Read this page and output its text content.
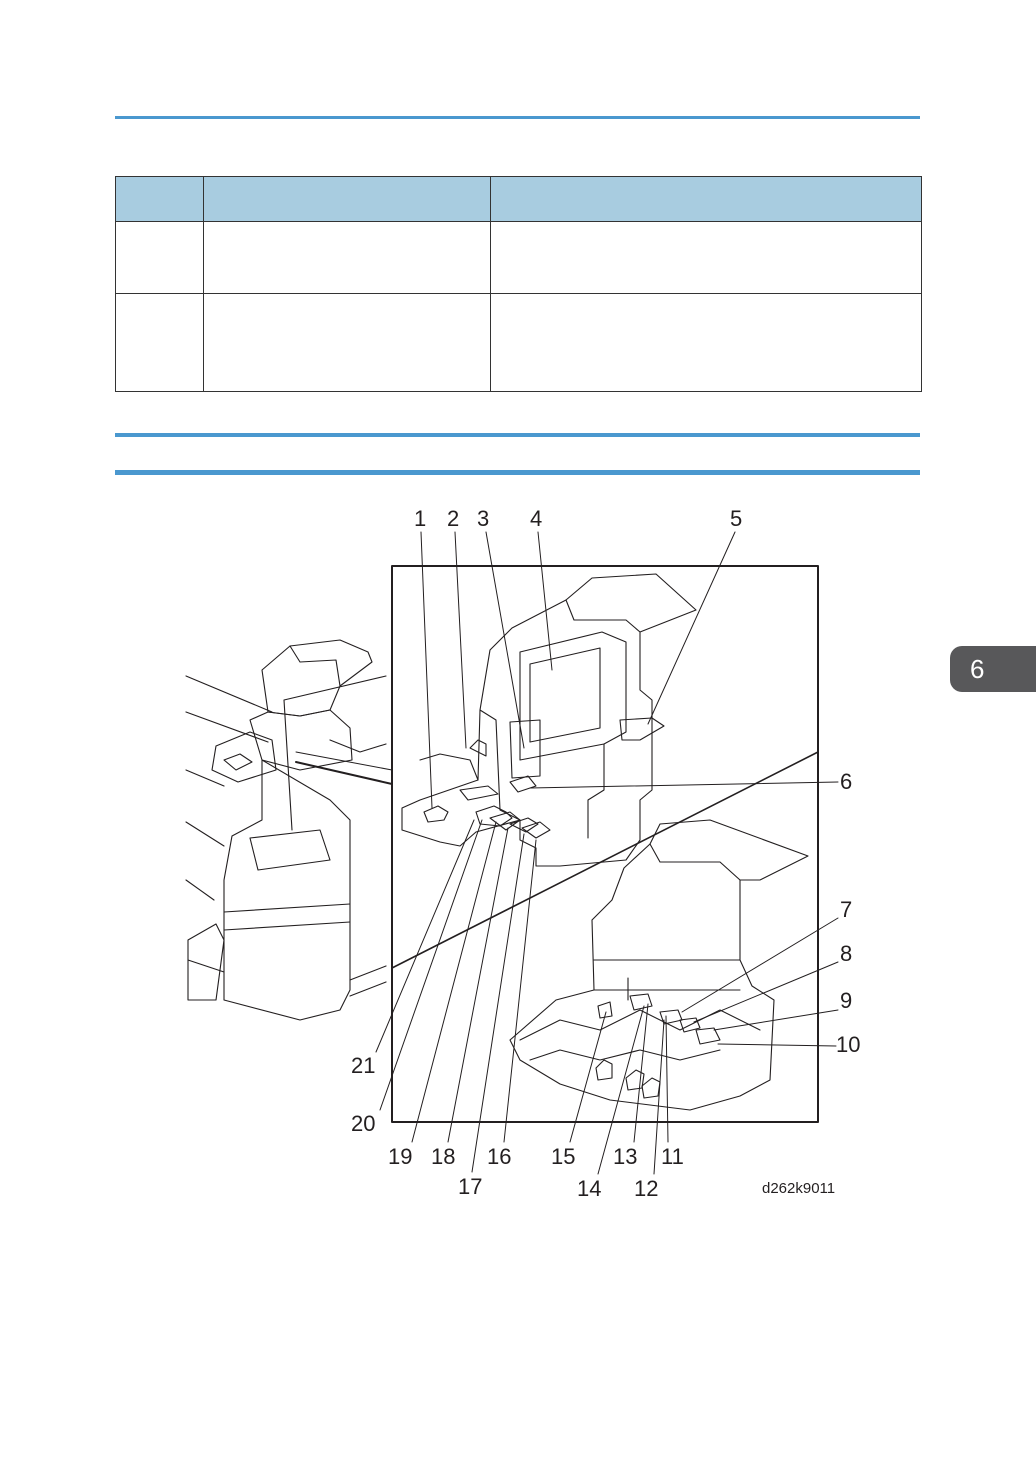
6
1 2 3 4	5
6
7
8
9
10
11
12
13
14
15
16
17
18
19
20
21
d262k9011
